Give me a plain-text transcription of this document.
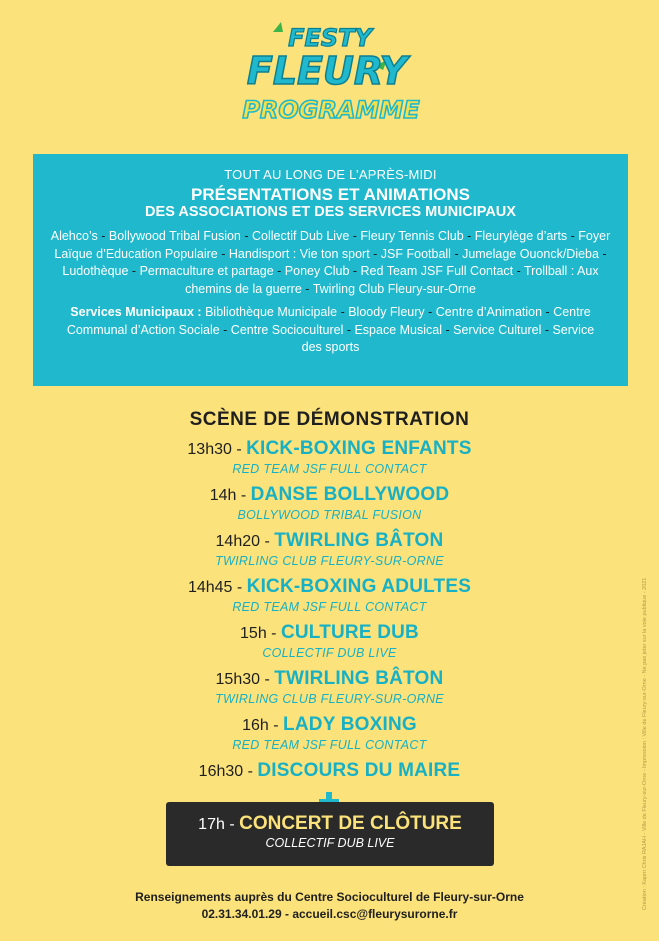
FESTY
FLEURY
PROGRAMME
TOUT AU LONG DE L’APRÈS-MIDI
PRÉSENTATIONS ET ANIMATIONS
DES ASSOCIATIONS ET DES SERVICES MUNICIPAUX
Alehco’s - Bollywood Tribal Fusion - Collectif Dub Live - Fleury Tennis Club - Fleurylège d’arts - Foyer Laïque d’Education Populaire - Handisport : Vie ton sport - JSF Football - Jumelage Ouonck/Dieba - Ludothèque - Permaculture et partage - Poney Club - Red Team JSF Full Contact - Trollball : Aux chemins de la guerre - Twirling Club Fleury-sur-Orne
Services Municipaux : Bibliothèque Municipale - Bloody Fleury - Centre d’Animation - Centre Communal d’Action Sociale - Centre Socioculturel - Espace Musical - Service Culturel - Service des sports
SCÈNE DE DÉMONSTRATION
13h30 - KICK-BOXING ENFANTS
RED TEAM JSF FULL CONTACT
14h - DANSE BOLLYWOOD
BOLLYWOOD TRIBAL FUSION
14h20 - TWIRLING BÂTON
TWIRLING CLUB FLEURY-SUR-ORNE
14h45 - KICK-BOXING ADULTES
RED TEAM JSF FULL CONTACT
15h - CULTURE DUB
COLLECTIF DUB LIVE
15h30 - TWIRLING BÂTON
TWIRLING CLUB FLEURY-SUR-ORNE
16h - LADY BOXING
RED TEAM JSF FULL CONTACT
16h30 - DISCOURS DU MAIRE
17h - CONCERT DE CLÔTURE
COLLECTIF DUB LIVE
Renseignements auprès du Centre Socioculturel de Fleury-sur-Orne
02.31.34.01.29 - accueil.csc@fleurysurorne.fr
Création : Kaprn Chris RAJAH - Ville de Fleury-sur-Orne - Impression : Ville de Fleury-sur-Orne - Ne pas jeter sur la voie publique - 2021
